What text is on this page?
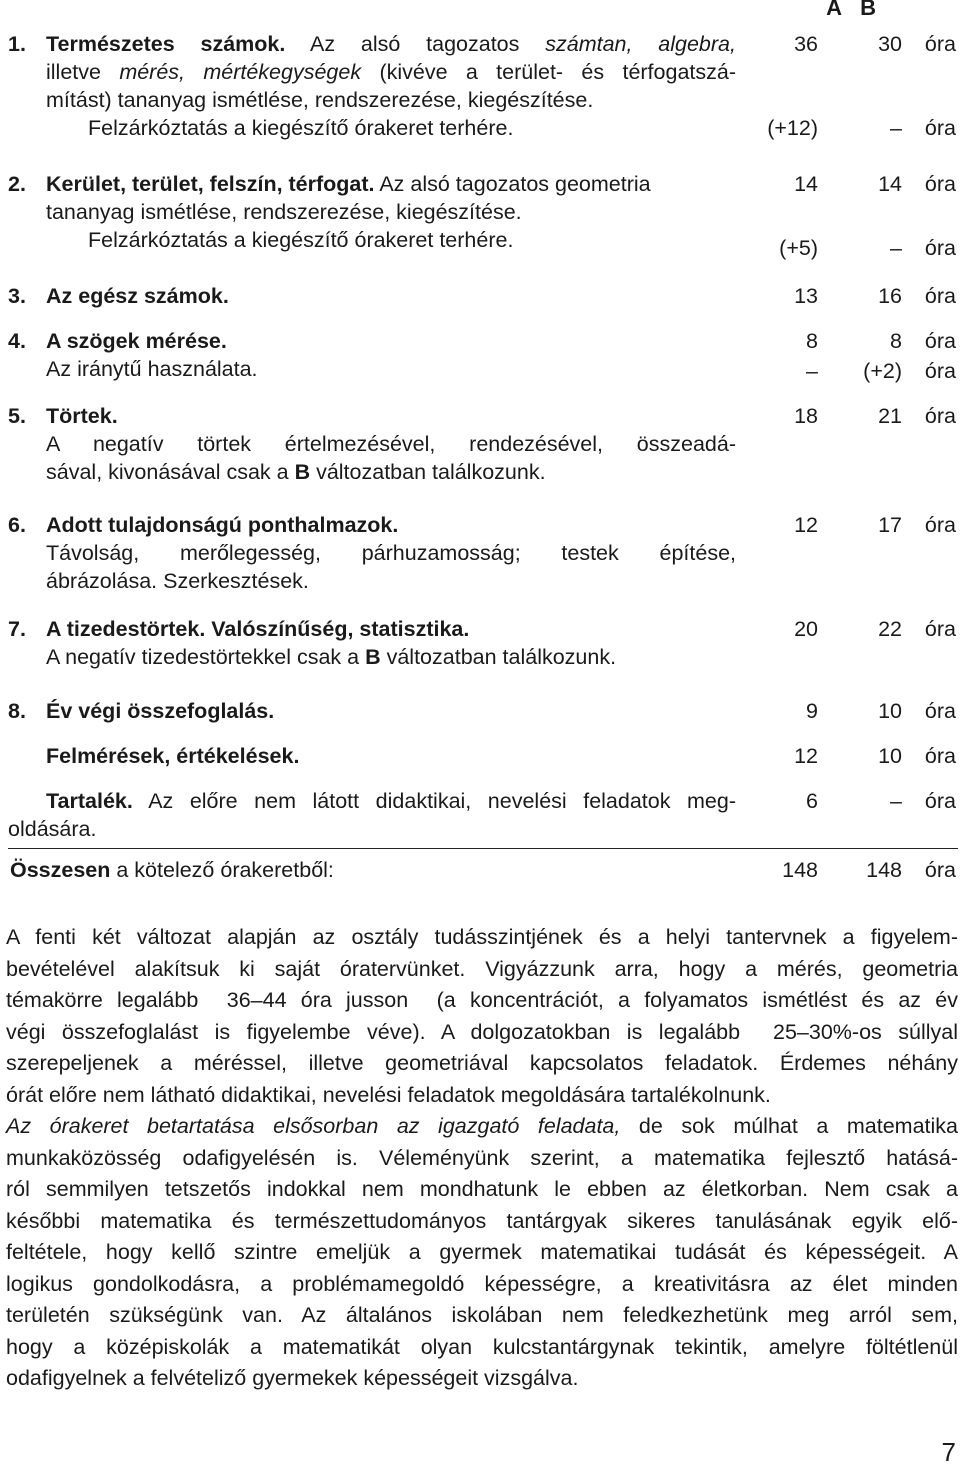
A B
1. Természetes számok. Az alsó tagozatos számtan, algebra,
illetve mérés, mértékegységek (kivéve a terület- és térfogatszá-
mítást) tananyag ismétlése, rendszerezése, kiegészítése.
Felzárkóztatás a kiegészítő órakeret terhére.
36	30	óra
(+12)	–	óra
2. Kerület, terület, felszín, térfogat. Az alsó tagozatos geometria
tananyag ismétlése, rendszerezése, kiegészítése.
Felzárkóztatás a kiegészítő órakeret terhére.
14	14	óra
(+5)	–	óra
3. Az egész számok.	13	16	óra
4. A szögek mérése.
Az iránytű használata.
8	8	óra
–	(+2)	óra
5. Törtek.
A negatív törtek értelmezésével, rendezésével, összeadá-
sával, kivonásával csak a B változatban találkozunk.
18	21	óra
6. Adott tulajdonságú ponthalmazok.
Távolság, merőlegesség, párhuzamosság; testek építése,
ábrázolása. Szerkesztések.
12	17	óra
7. A tizedestörtek. Valószínűség, statisztika.
A negatív tizedestörtekkel csak a B változatban találkozunk.
20	22	óra
8. Év végi összefoglalás.	9	10	óra
Felmérések, értékelések.	12	10	óra
Tartalék. Az előre nem látott didaktikai, nevelési feladatok meg-
oldására.
6	–	óra
Összesen a kötelező órakeretből:	148	148	óra
A fenti két változat alapján az osztály tudásszintjének és a helyi tantervnek a figyelem-
bevételével alakítsuk ki saját óratervünket. Vigyázzunk arra, hogy a mérés, geometria
témakörre legalább  36–44 óra jusson  (a koncentrációt, a folyamatos ismétlést és az év
végi összefoglalást is figyelembe véve). A dolgozatokban is legalább  25–30%-os súllyal
szerepeljenek a méréssel, illetve geometriával kapcsolatos feladatok. Érdemes néhány
órát előre nem látható didaktikai, nevelési feladatok megoldására tartalékolnunk.
Az órakeret betartatása elsősorban az igazgató feladata, de sok múlhat a matematika
munkaközösség odafigyelésén is. Véleményünk szerint, a matematika fejlesztő hatásá-
ról semmilyen tetszetős indokkal nem mondhatunk le ebben az életkorban. Nem csak a
későbbi matematika és természettudományos tantárgyak sikeres tanulásának egyik elő-
feltétele, hogy kellő szintre emeljük a gyermek matematikai tudását és képességeit. A
logikus gondolkodásra, a problémamegoldó képességre, a kreativitásra az élet minden
területén szükségünk van. Az általános iskolában nem feledkezhetünk meg arról sem,
hogy a középiskolák a matematikát olyan kulcstantárgynak tekintik, amelyre föltétlenül
odafigyelnek a felvételiző gyermekek képességeit vizsgálva.
7
